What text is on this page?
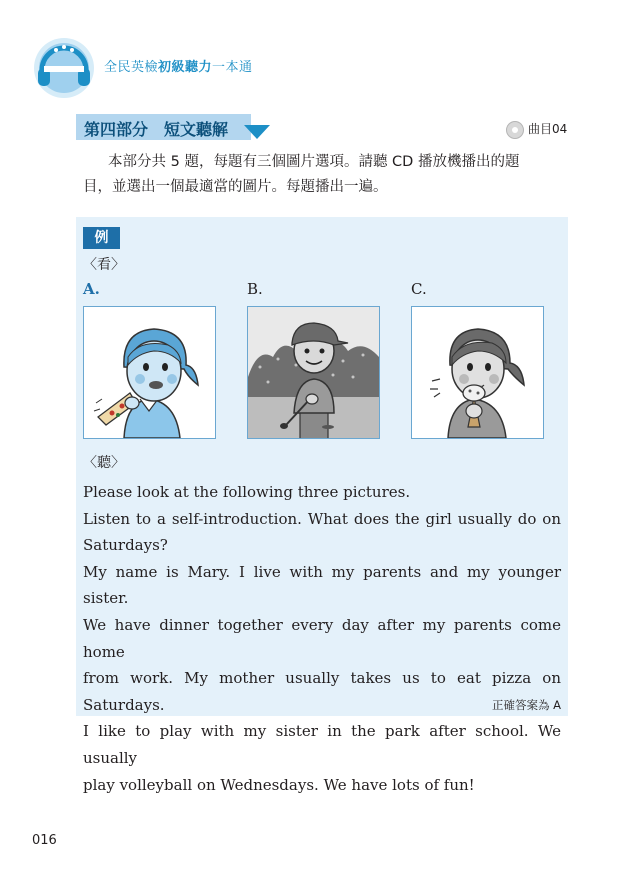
全民英檢初級聽力一本通
第四部分 短文聽解	曲目04
本部分共 5 題，每題有三個圖片選項。請聽 CD 播放機播出的題
目，並選出一個最適當的圖片。每題播出一遍。
例
〈看〉
A.	B.	C.
〈聽〉

Please look at the following three pictures.

Listen to a self-introduction. What does the girl usually do on

Saturdays?

My name is Mary. I live with my parents and my younger sister.

We have dinner together every day after my parents come home

from work. My mother usually takes us to eat pizza on Saturdays.

I like to play with my sister in the park after school. We usually

play volleyball on Wednesdays. We have lots of fun!

正確答案為 A
016
